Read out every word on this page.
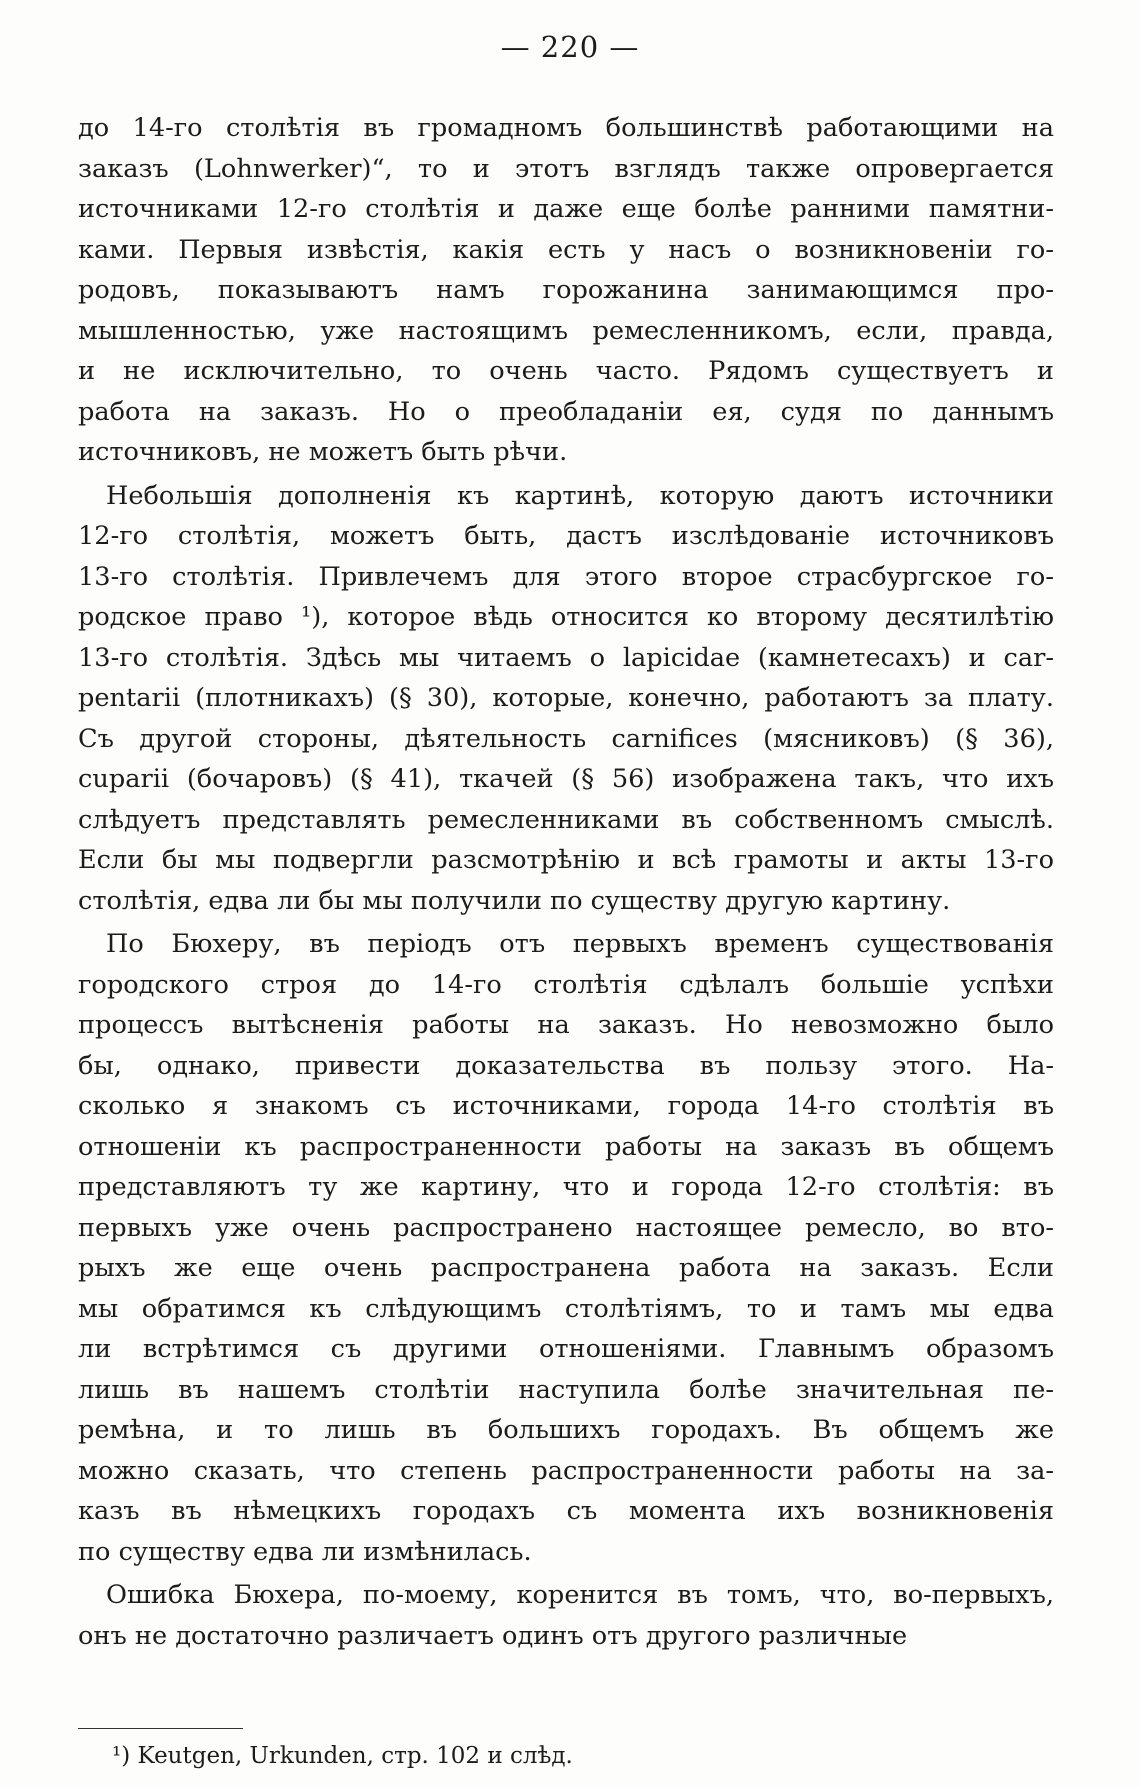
— 220 —
до 14-го столѣтія въ громадномъ большинствѣ работающими на
заказъ (Lohnwerker)“, то и этотъ взглядъ также опровергается
источниками 12-го столѣтія и даже еще болѣе ранними памятни-
ками. Первыя извѣстія, какія есть у насъ о возникновеніи го-
родовъ, показываютъ намъ горожанина занимающимся про-
мышленностью, уже настоящимъ ремесленникомъ, если, правда,
и не исключительно, то очень часто. Рядомъ существуетъ и
работа на заказъ. Но о преобладаніи ея, судя по даннымъ
источниковъ, не можетъ быть рѣчи.
Небольшія дополненія къ картинѣ, которую даютъ источники
12-го столѣтія, можетъ быть, дастъ изслѣдованіе источниковъ
13-го столѣтія. Привлечемъ для этого второе страсбургское го-
родское право ¹), которое вѣдь относится ко второму десятилѣтію
13-го столѣтія. Здѣсь мы читаемъ о lapicidae (камнетесахъ) и car-
pentarii (плотникахъ) (§ 30), которые, конечно, работаютъ за плату.
Съ другой стороны, дѣятельность carnifices (мясниковъ) (§ 36),
cuparii (бочаровъ) (§ 41), ткачей (§ 56) изображена такъ, что ихъ
слѣдуетъ представлять ремесленниками въ собственномъ смыслѣ.
Если бы мы подвергли разсмотрѣнію и всѣ грамоты и акты 13-го
столѣтія, едва ли бы мы получили по существу другую картину.
По Бюхеру, въ періодъ отъ первыхъ временъ существованія
городского строя до 14-го столѣтія сдѣлалъ большіе успѣхи
процессъ вытѣсненія работы на заказъ. Но невозможно было
бы, однако, привести доказательства въ пользу этого. На-
сколько я знакомъ съ источниками, города 14-го столѣтія въ
отношеніи къ распространенности работы на заказъ въ общемъ
представляютъ ту же картину, что и города 12-го столѣтія: въ
первыхъ уже очень распространено настоящее ремесло, во вто-
рыхъ же еще очень распространена работа на заказъ. Если
мы обратимся къ слѣдующимъ столѣтіямъ, то и тамъ мы едва
ли встрѣтимся съ другими отношеніями. Главнымъ образомъ
лишь въ нашемъ столѣтіи наступила болѣе значительная пе-
ремѣна, и то лишь въ большихъ городахъ. Въ общемъ же
можно сказать, что степень распространенности работы на за-
казъ въ нѣмецкихъ городахъ съ момента ихъ возникновенія
по существу едва ли измѣнилась.
Ошибка Бюхера, по-моему, коренится въ томъ, что, во-первыхъ,
онъ не достаточно различаетъ одинъ отъ другого различные
¹) Keutgen, Urkunden, стр. 102 и слѣд.
